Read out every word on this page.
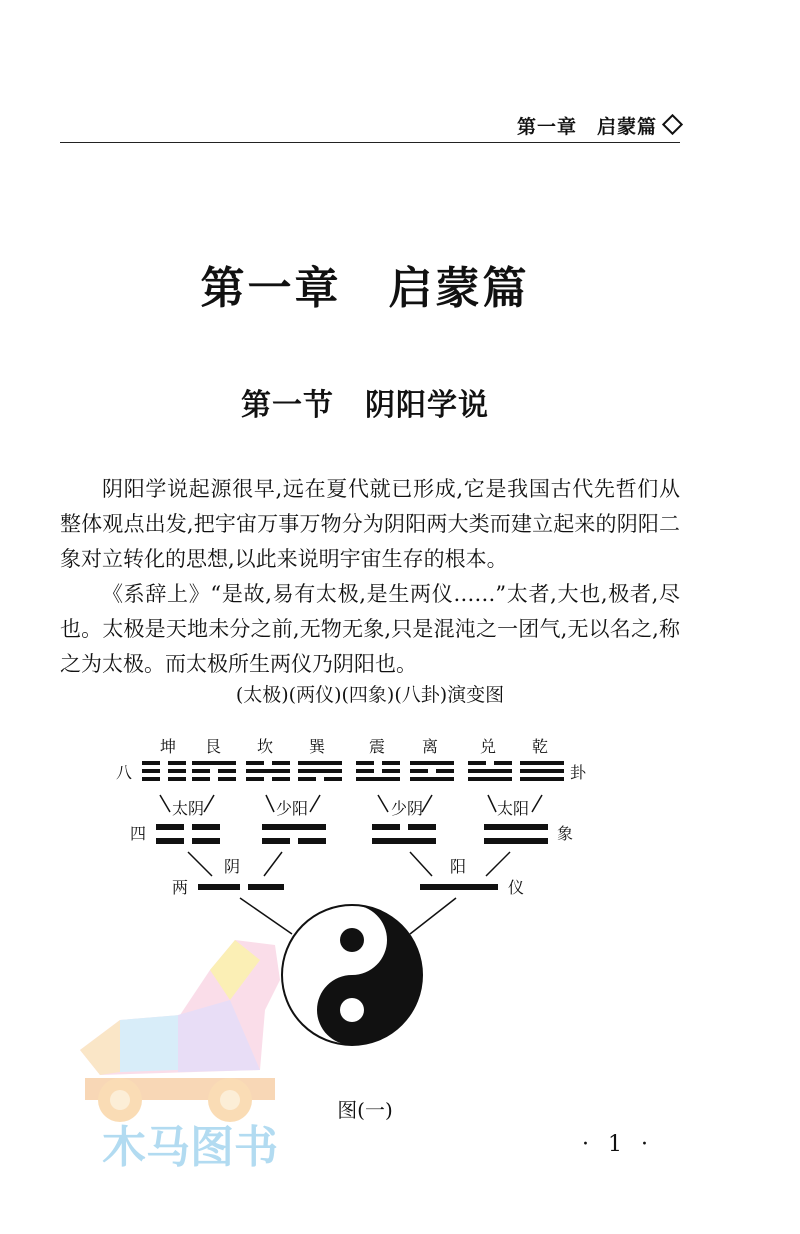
第一章　启蒙篇
第一章　启蒙篇
第一节　阴阳学说

阴阳学说起源很早,远在夏代就已形成,它是我国古代先哲们从整体观点出发,把宇宙万事万物分为阴阳两大类而建立起来的阴阳二象对立转化的思想,以此来说明宇宙生存的根本。

《系辞上》“是故,易有太极,是生两仪……”太者,大也,极者,尽也。太极是天地未分之前,无物无象,只是混沌之一团气,无以名之,称之为太极。而太极所生两仪乃阴阳也。

(太极)(两仪)(四象)(八卦)演变图
木马图书
坤 艮 坎 巽	震 离	兑 乾
八	卦
四	象
两	仪
太阴	少阳	少阴	太阳
阴	阳
图(一)
· 1 ·
